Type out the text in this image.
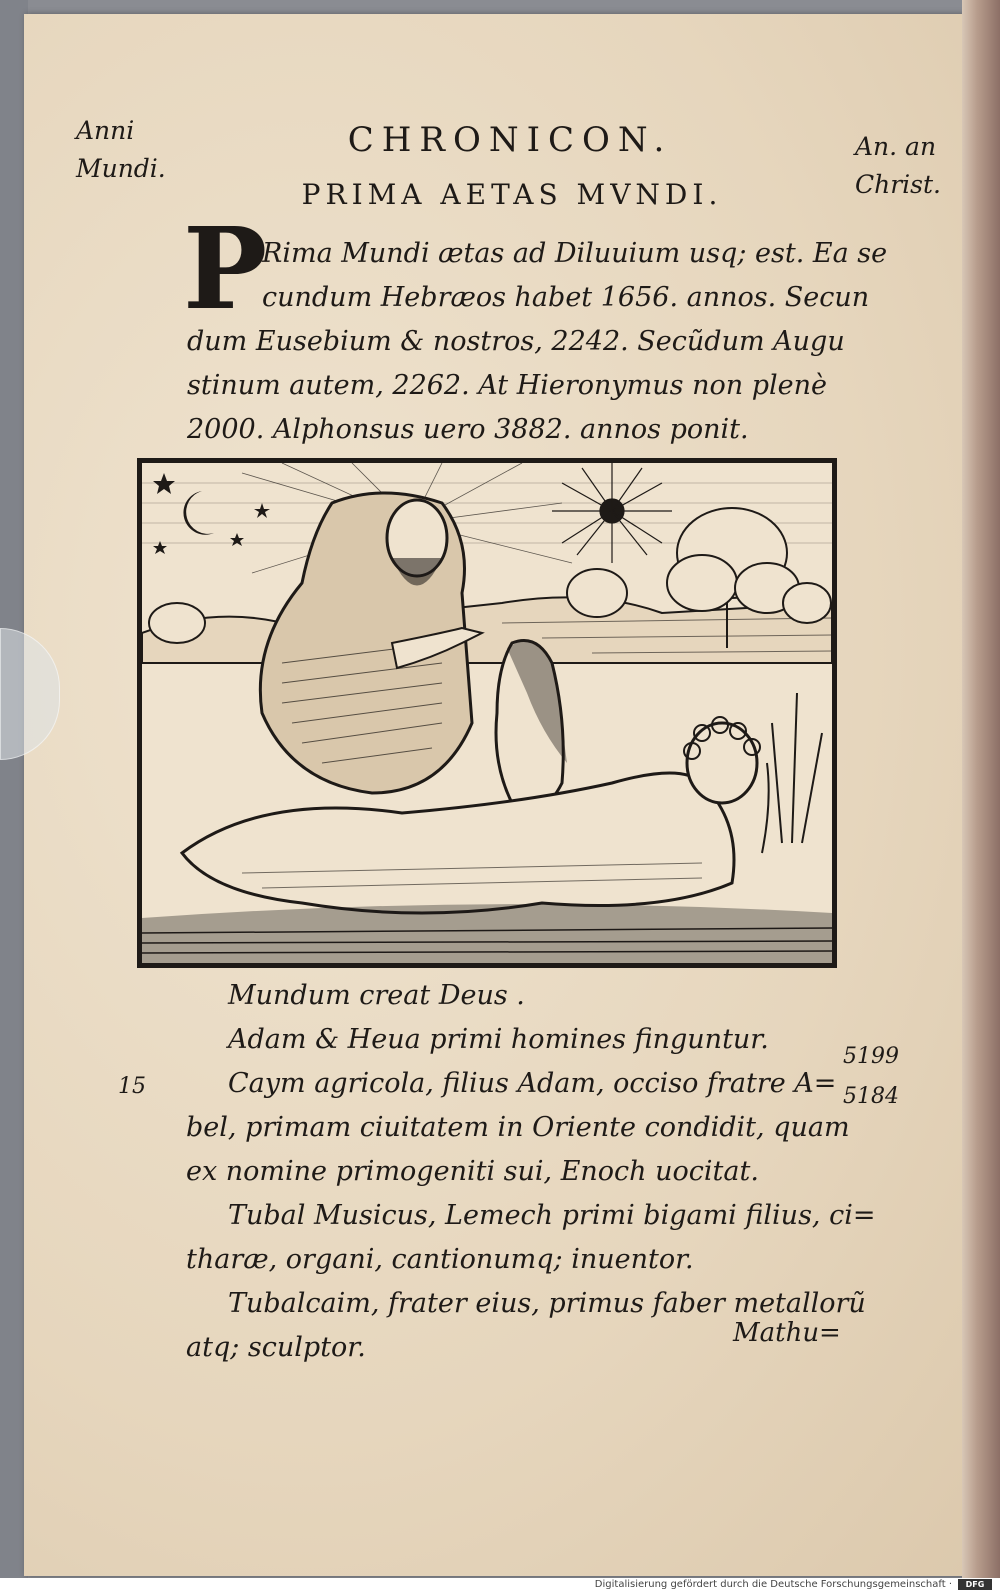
Anni
Mundi.
An. an
Christ.
CHRONICON.
PRIMA AETAS MVNDI.
P
Rima Mundi ætas ad Diluuium usq; est. Ea se
cundum Hebræos habet 1656. annos. Secun
dum Eusebium & nostros, 2242. Secũdum Augu
stinum autem, 2262. At Hieronymus non plenè
2000. Alphonsus uero 3882. annos ponit.
Mundum creat Deus .
Adam & Heua primi homines finguntur.
Caym agricola, filius Adam, occiso fratre A=
bel, primam ciuitatem in Oriente condidit, quam
ex nomine primogeniti sui, Enoch uocitat.
Tubal Musicus, Lemech primi bigami filius, ci=
tharæ, organi, cantionumq; inuentor.
Tubalcaim, frater eius, primus faber metallorũ
atq; sculptor.	Mathu=
15
5199
5184
Digitalisierung gefördert durch die Deutsche Forschungsgemeinschaft ·	DFG
